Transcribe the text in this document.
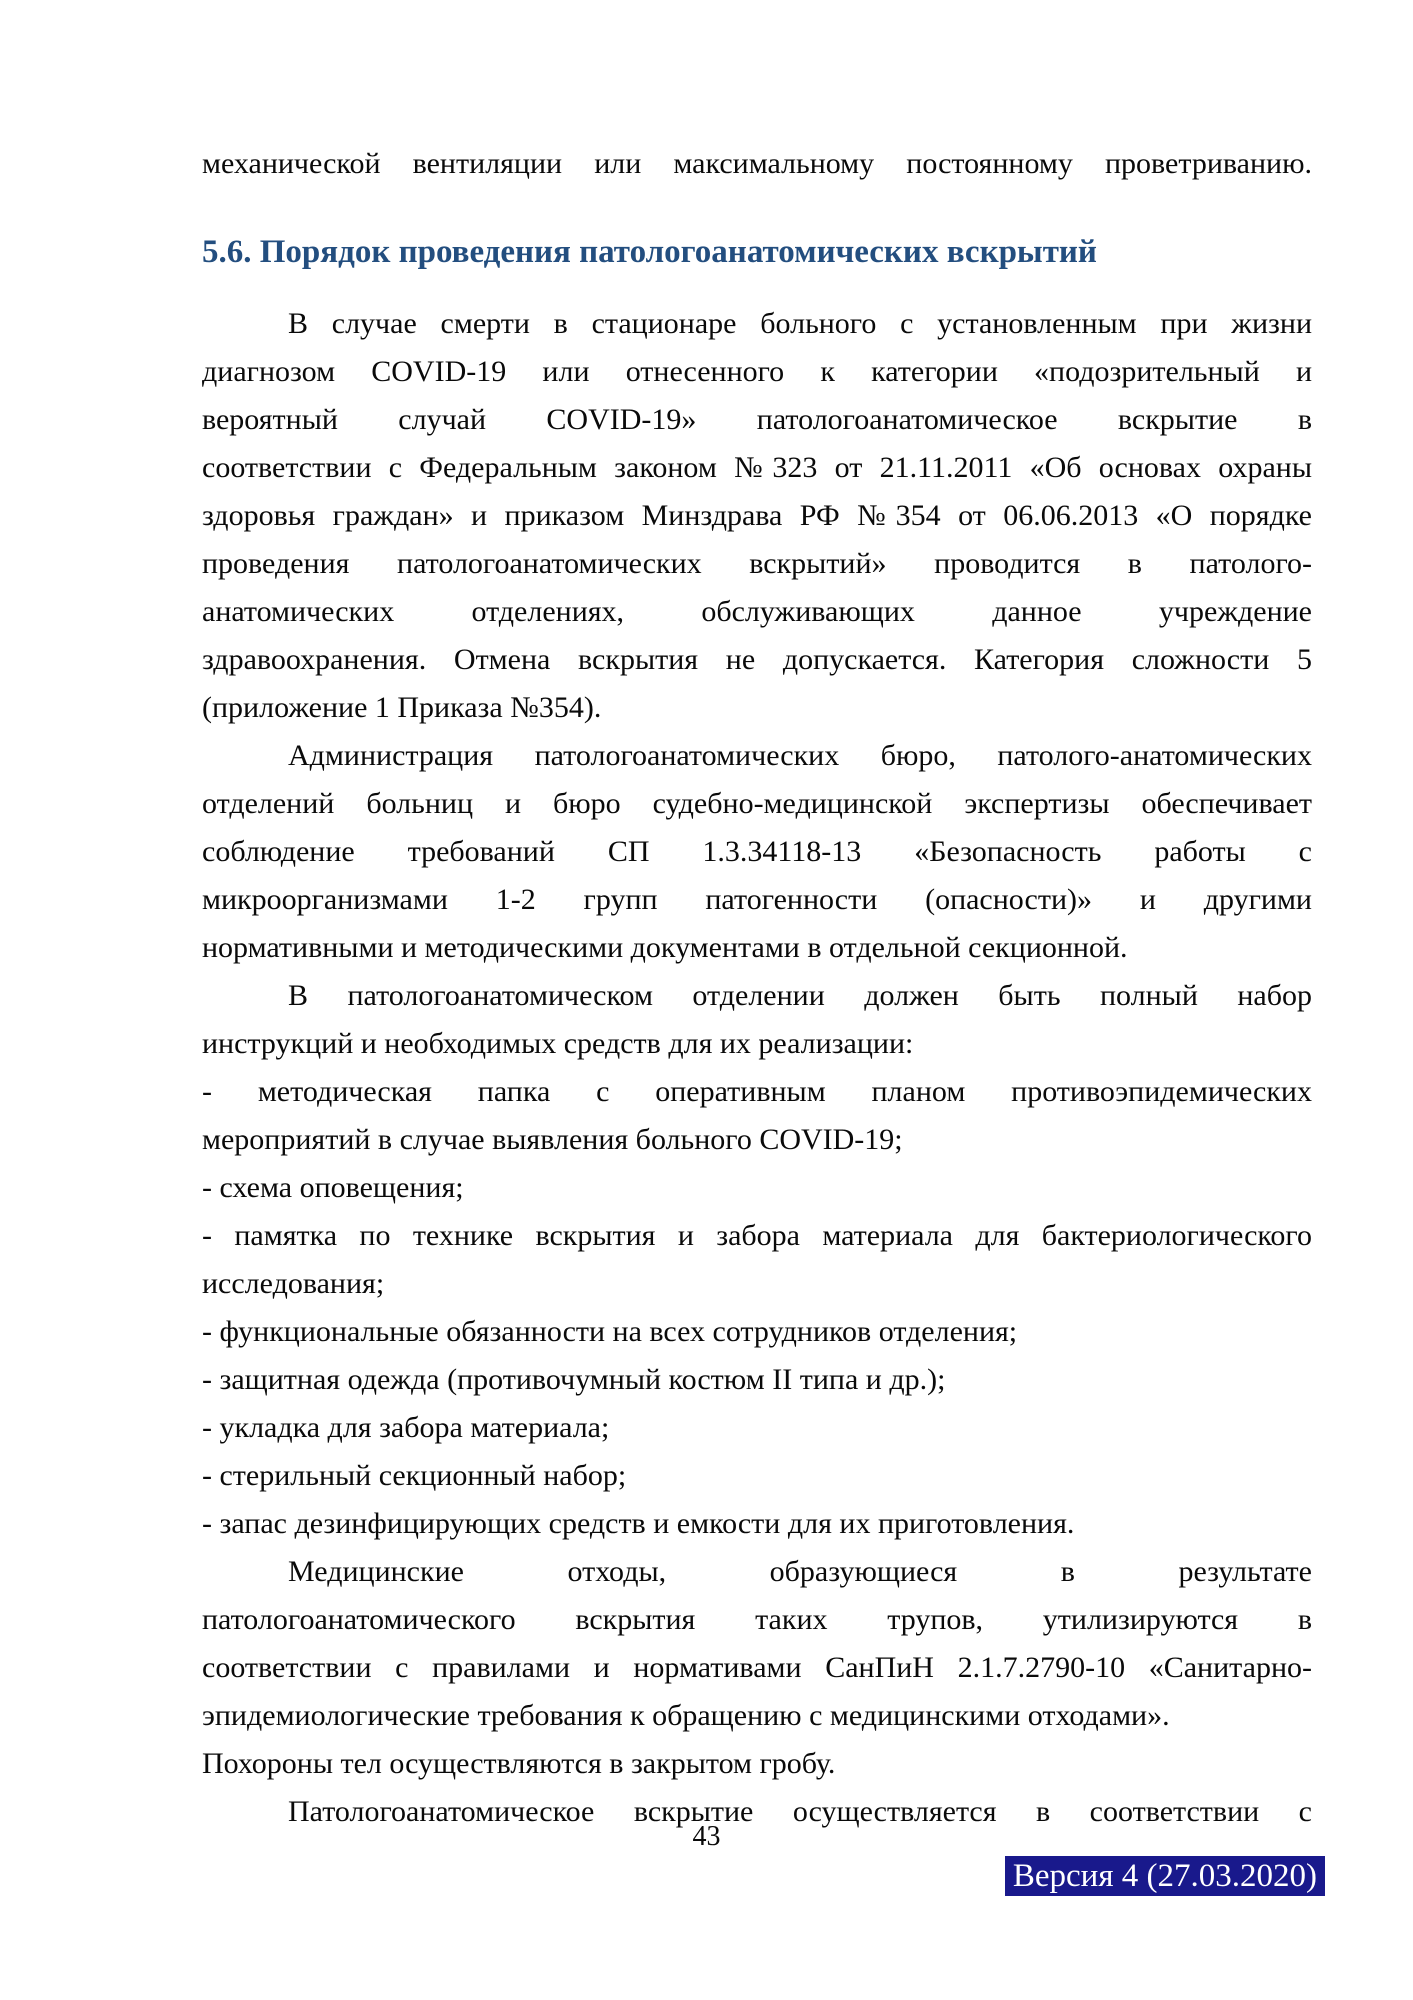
механической вентиляции или максимальному постоянному проветриванию.
5.6. Порядок проведения патологоанатомических вскрытий
В случае смерти в стационаре больного с установленным при жизни
диагнозом COVID-19 или отнесенного к категории «подозрительный и
вероятный случай COVID-19» патологоанатомическое вскрытие в
соответствии с Федеральным законом №323 от 21.11.2011 «Об основах охраны
здоровья граждан» и приказом Минздрава РФ №354 от 06.06.2013 «О порядке
проведения патологоанатомических вскрытий» проводится в патолого-
анатомических отделениях, обслуживающих данное учреждение
здравоохранения. Отмена вскрытия не допускается. Категория сложности 5
(приложение 1 Приказа №354).
Администрация патологоанатомических бюро, патолого-анатомических
отделений больниц и бюро судебно-медицинской экспертизы обеспечивает
соблюдение требований СП 1.3.34118-13 «Безопасность работы с
микроорганизмами 1-2 групп патогенности (опасности)» и другими
нормативными и методическими документами в отдельной секционной.
В патологоанатомическом отделении должен быть полный набор
инструкций и необходимых средств для их реализации:
- методическая папка с оперативным планом противоэпидемических
мероприятий в случае выявления больного COVID-19;
- схема оповещения;
- памятка по технике вскрытия и забора материала для бактериологического
исследования;
- функциональные обязанности на всех сотрудников отделения;
- защитная одежда (противочумный костюм II типа и др.);
- укладка для забора материала;
- стерильный секционный набор;
- запас дезинфицирующих средств и емкости для их приготовления.
Медицинские отходы, образующиеся в результате
патологоанатомического вскрытия таких трупов, утилизируются в
соответствии с правилами и нормативами СанПиН 2.1.7.2790-10 «Санитарно-
эпидемиологические требования к обращению с медицинскими отходами».
Похороны тел осуществляются в закрытом гробу.
Патологоанатомическое вскрытие осуществляется в соответствии с
43
Версия 4 (27.03.2020)
